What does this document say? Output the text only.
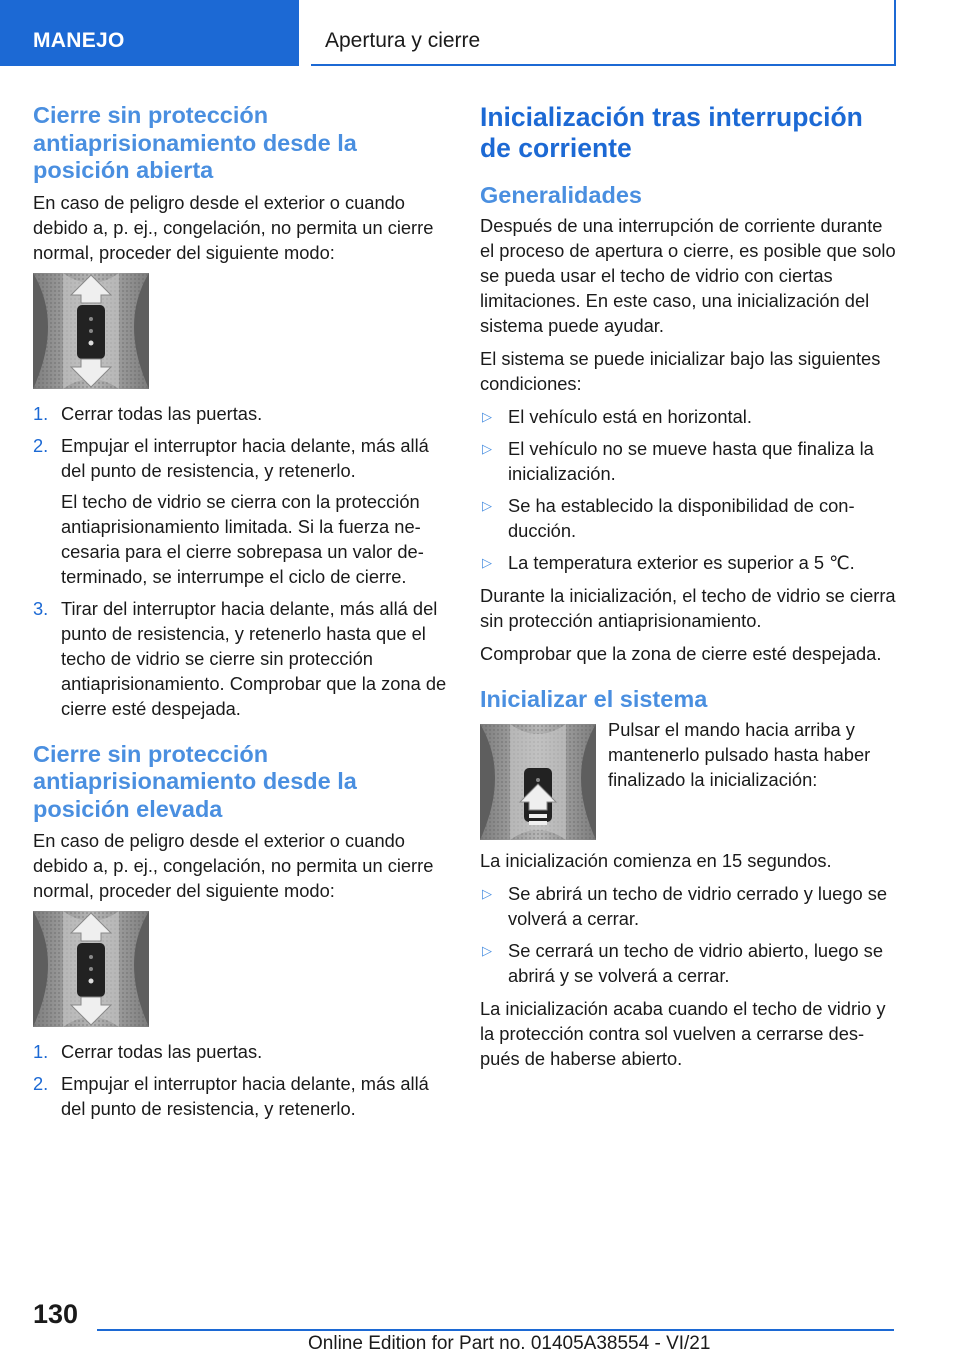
MANEJO	Apertura y cierre
Cierre sin protección antiaprisionamiento desde la posición abierta

En caso de peligro desde el exterior o cuando debido a, p. ej., congelación, no permita un cierre normal, proceder del siguiente modo:

1. Cerrar todas las puertas.
2. Empujar el interruptor hacia delante, más allá del punto de resistencia, y retenerlo.

El techo de vidrio se cierra con la protección antiaprisionamiento limitada. Si la fuerza necesaria para el cierre sobrepasa un valor determinado, se interrumpe el ciclo de cierre.

3. Tirar del interruptor hacia delante, más allá del punto de resistencia, y retenerlo hasta que el techo de vidrio se cierre sin protección antiaprisionamiento. Comprobar que la zona de cierre esté despejada.
Cierre sin protección antiaprisionamiento desde la posición elevada

En caso de peligro desde el exterior o cuando debido a, p. ej., congelación, no permita un cierre normal, proceder del siguiente modo:

1. Cerrar todas las puertas.
2. Empujar el interruptor hacia delante, más allá del punto de resistencia, y retenerlo.
Inicialización tras interrupción de corriente
Generalidades

Después de una interrupción de corriente durante el proceso de apertura o cierre, es posible que solo se pueda usar el techo de vidrio con ciertas limitaciones. En este caso, una inicialización del sistema puede ayudar.

El sistema se puede inicializar bajo las siguientes condiciones:

▷ El vehículo está en horizontal.
▷ El vehículo no se mueve hasta que finaliza la inicialización.
▷ Se ha establecido la disponibilidad de conducción.
▷ La temperatura exterior es superior a 5 ℃.

Durante la inicialización, el techo de vidrio se cierra sin protección antiaprisionamiento.

Comprobar que la zona de cierre esté despejada.

Inicializar el sistema

Pulsar el mando hacia arriba y mantenerlo pulsado hasta haber finalizado la inicialización:

La inicialización comienza en 15 segundos.

▷ Se abrirá un techo de vidrio cerrado y luego se volverá a cerrar.
▷ Se cerrará un techo de vidrio abierto, luego se abrirá y se volverá a cerrar.

La inicialización acaba cuando el techo de vidrio y la protección contra sol vuelven a cerrarse después de haberse abierto.

130
Online Edition for Part no. 01405A38554 - VI/21
